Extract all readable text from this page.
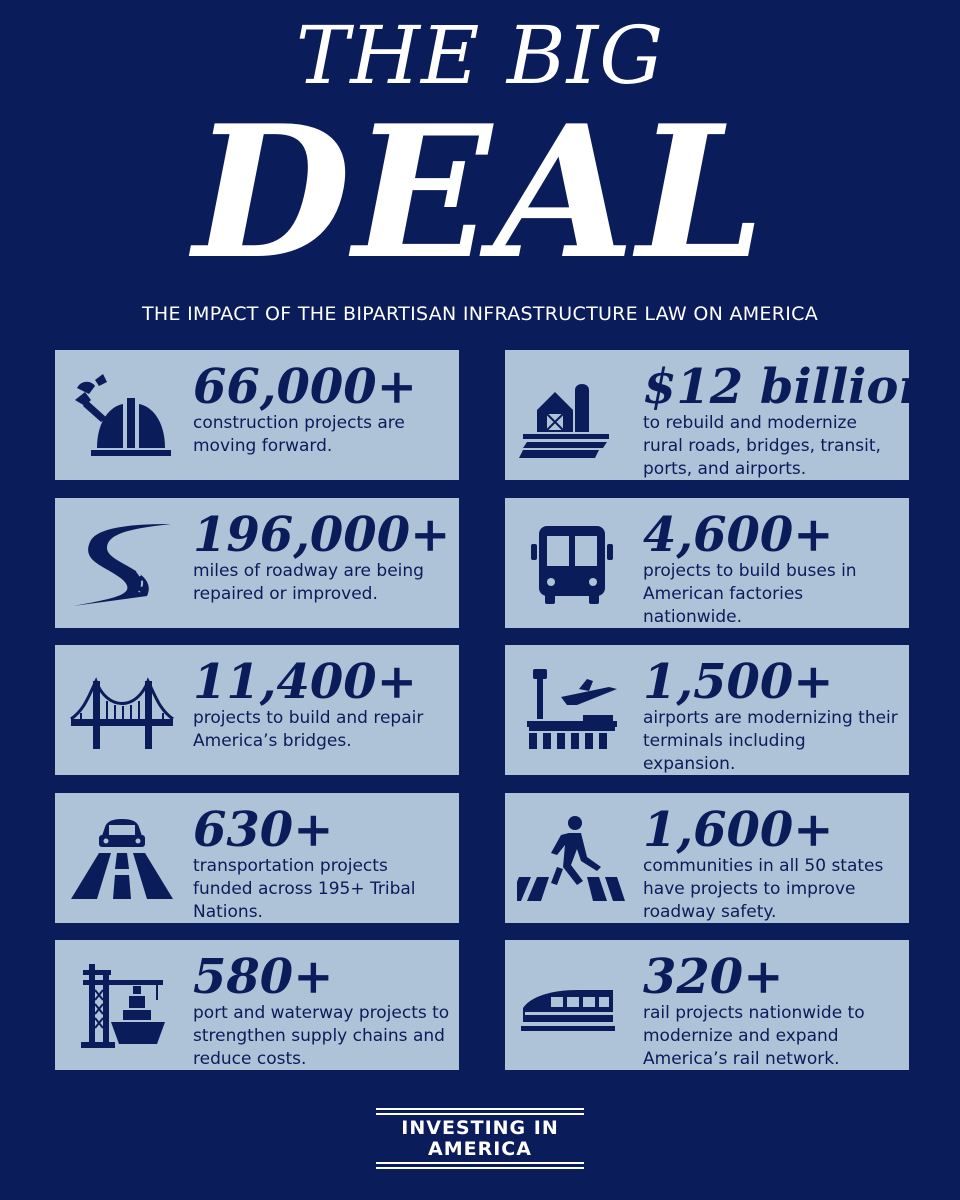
THE BIG
DEAL
THE IMPACT OF THE BIPARTISAN INFRASTRUCTURE LAW ON AMERICA
66,000+
construction projects are moving forward.
$12 billion
to rebuild and modernize rural roads, bridges, transit, ports, and airports.
196,000+
miles of roadway are being repaired or improved.
4,600+
projects to build buses in American factories nationwide.
11,400+
projects to build and repair America’s bridges.
1,500+
airports are modernizing their terminals including expansion.
630+
transportation projects funded across 195+ Tribal Nations.
1,600+
communities in all 50 states have projects to improve roadway safety.
580+
port and waterway projects to strengthen supply chains and reduce costs.
320+
rail projects nationwide to modernize and expand America’s rail network.
INVESTING IN
AMERICA
